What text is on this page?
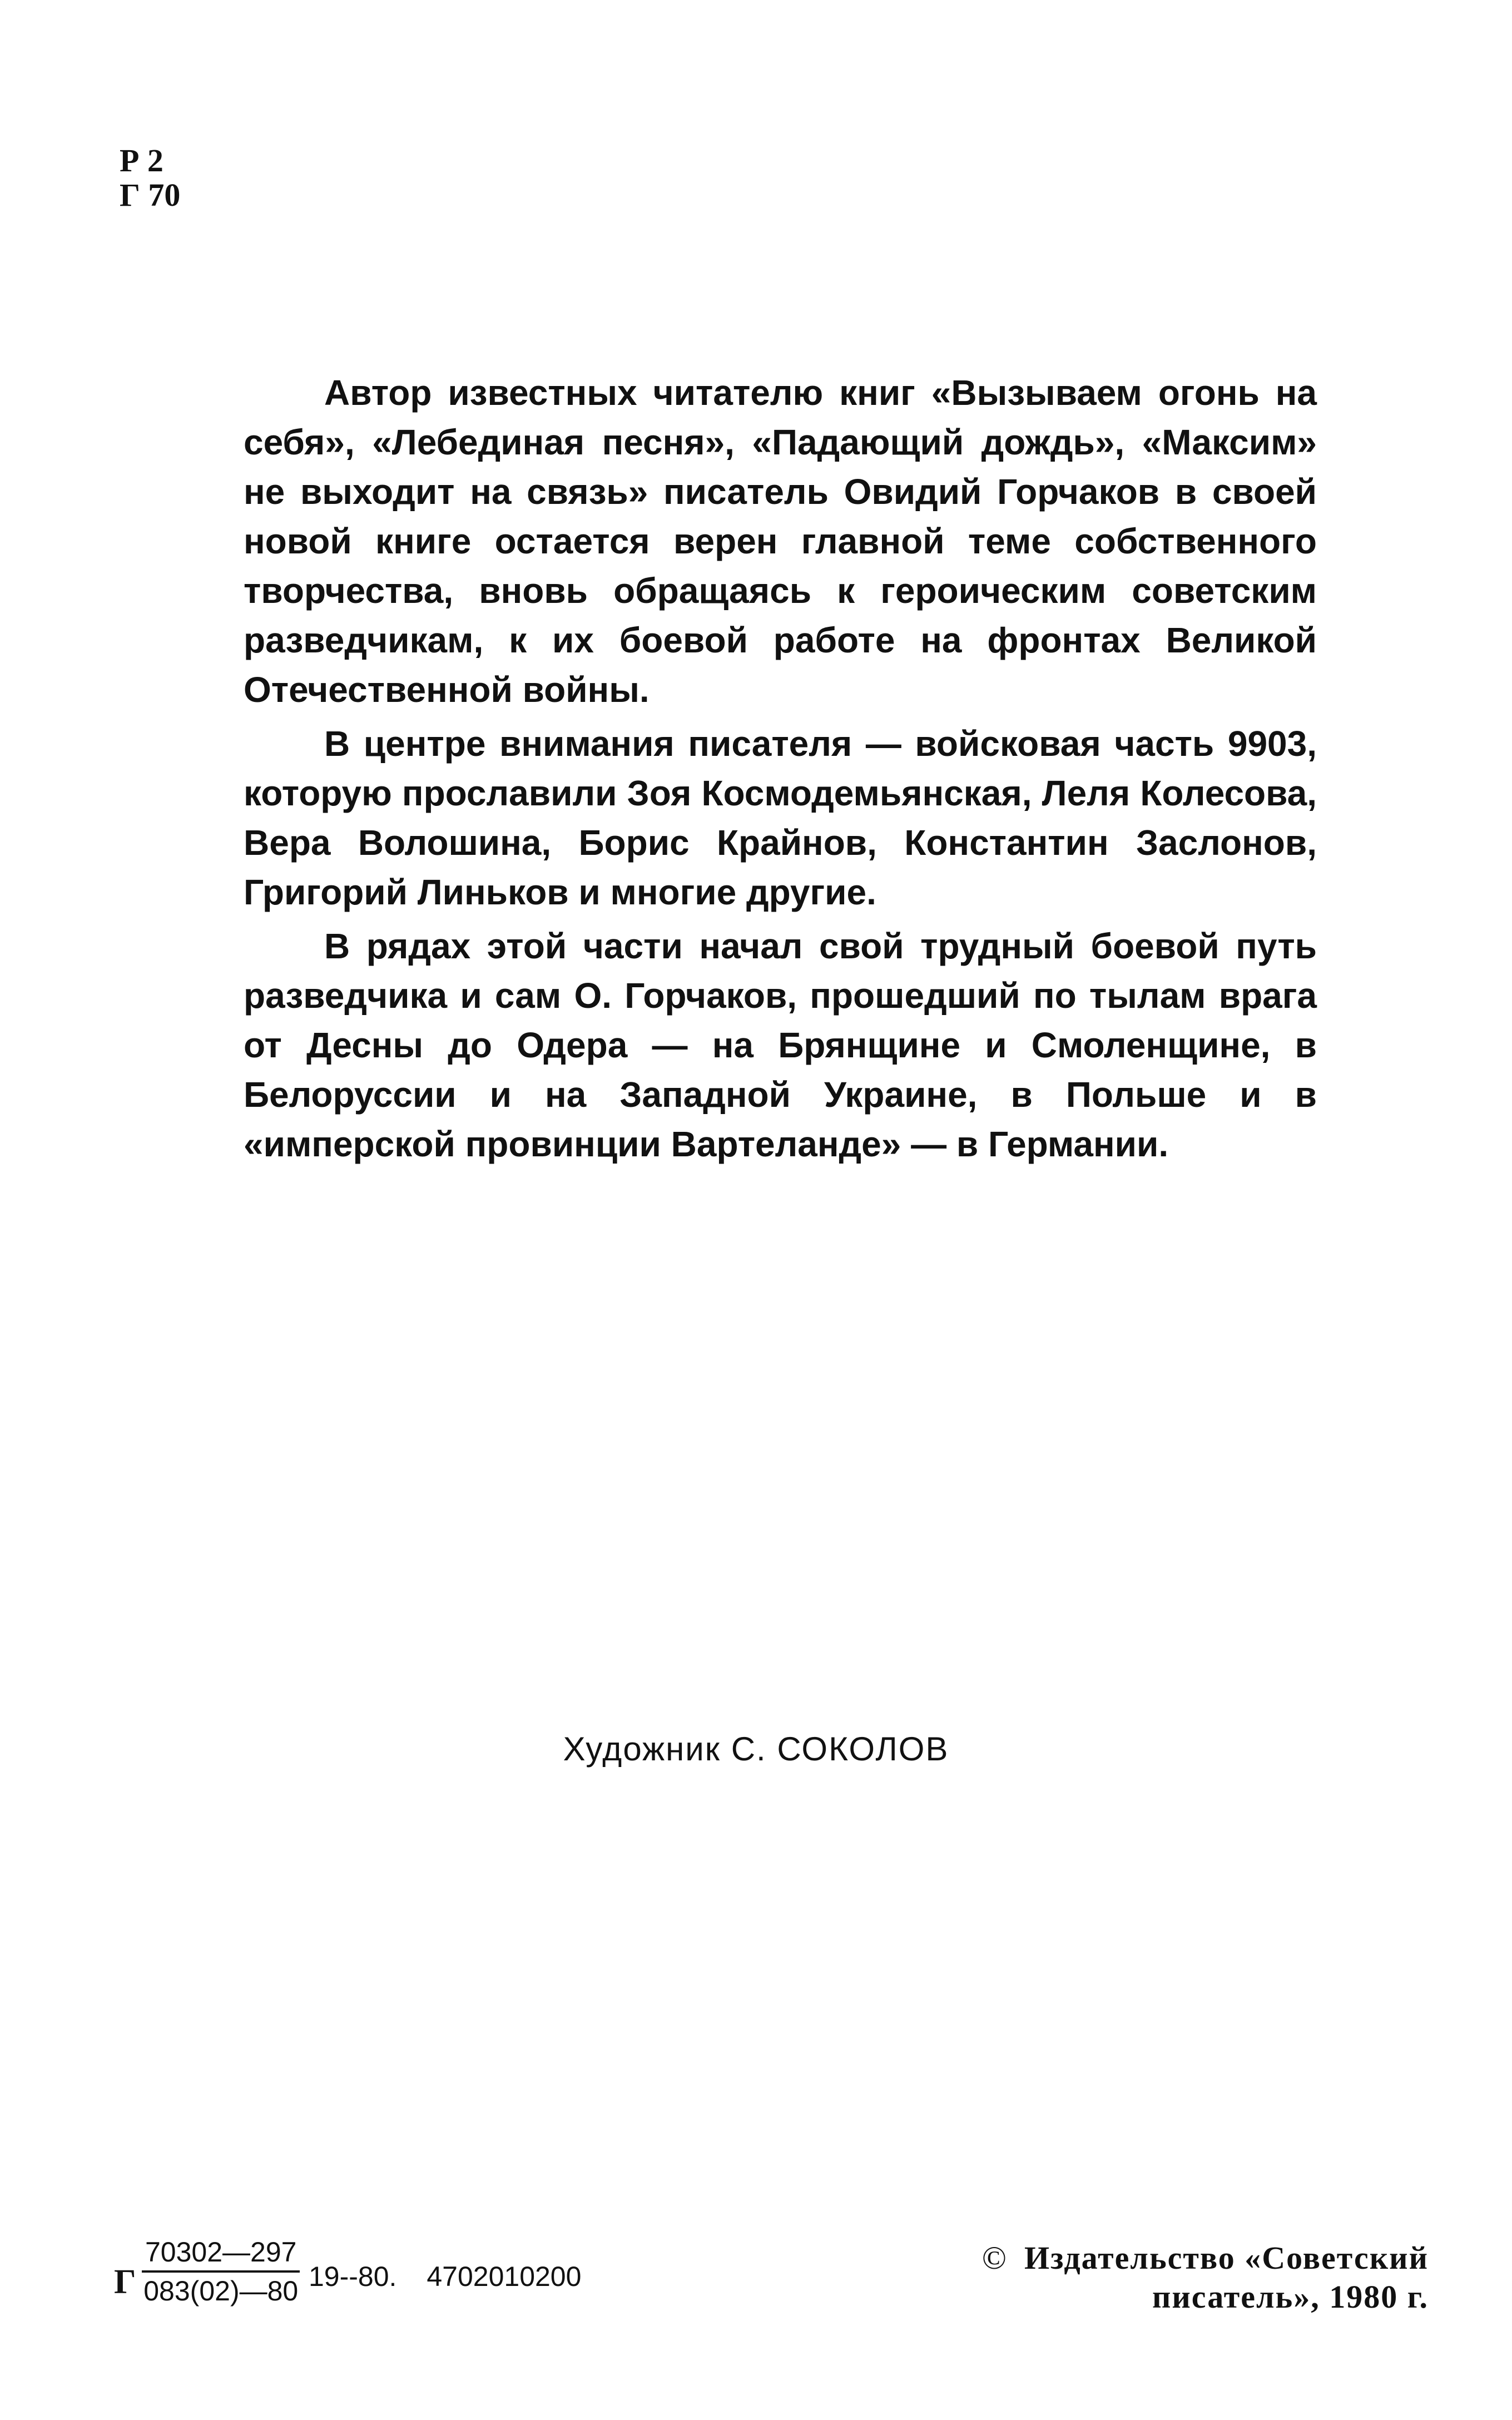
Р 2
Г 70

Автор известных читателю книг «Вызываем огонь на себя», «Лебединая песня», «Падающий дождь», «Максим» не выходит на связь» писатель Овидий Горчаков в своей новой книге остается верен главной теме собственного творчества, вновь обращаясь к героическим советским разведчикам, к их боевой работе на фронтах Великой Отечественной войны.

В центре внимания писателя — войсковая часть 9903, которую прославили Зоя Космодемьянская, Леля Колесова, Вера Волошина, Борис Крайнов, Константин Заслонов, Григорий Линьков и многие другие.

В рядах этой части начал свой трудный боевой путь разведчика и сам О. Горчаков, прошедший по тылам врага от Десны до Одера — на Брянщине и Смоленщине, в Белоруссии и на Западной Украине, в Польше и в «имперской провинции Вартеланде» — в Германии.

Художник С. СОКОЛОВ
Г $\frac{70302—297}{083(02)—80} 19--80$. 4702010200
© Издательство «Советский
писатель», 1980 г.
